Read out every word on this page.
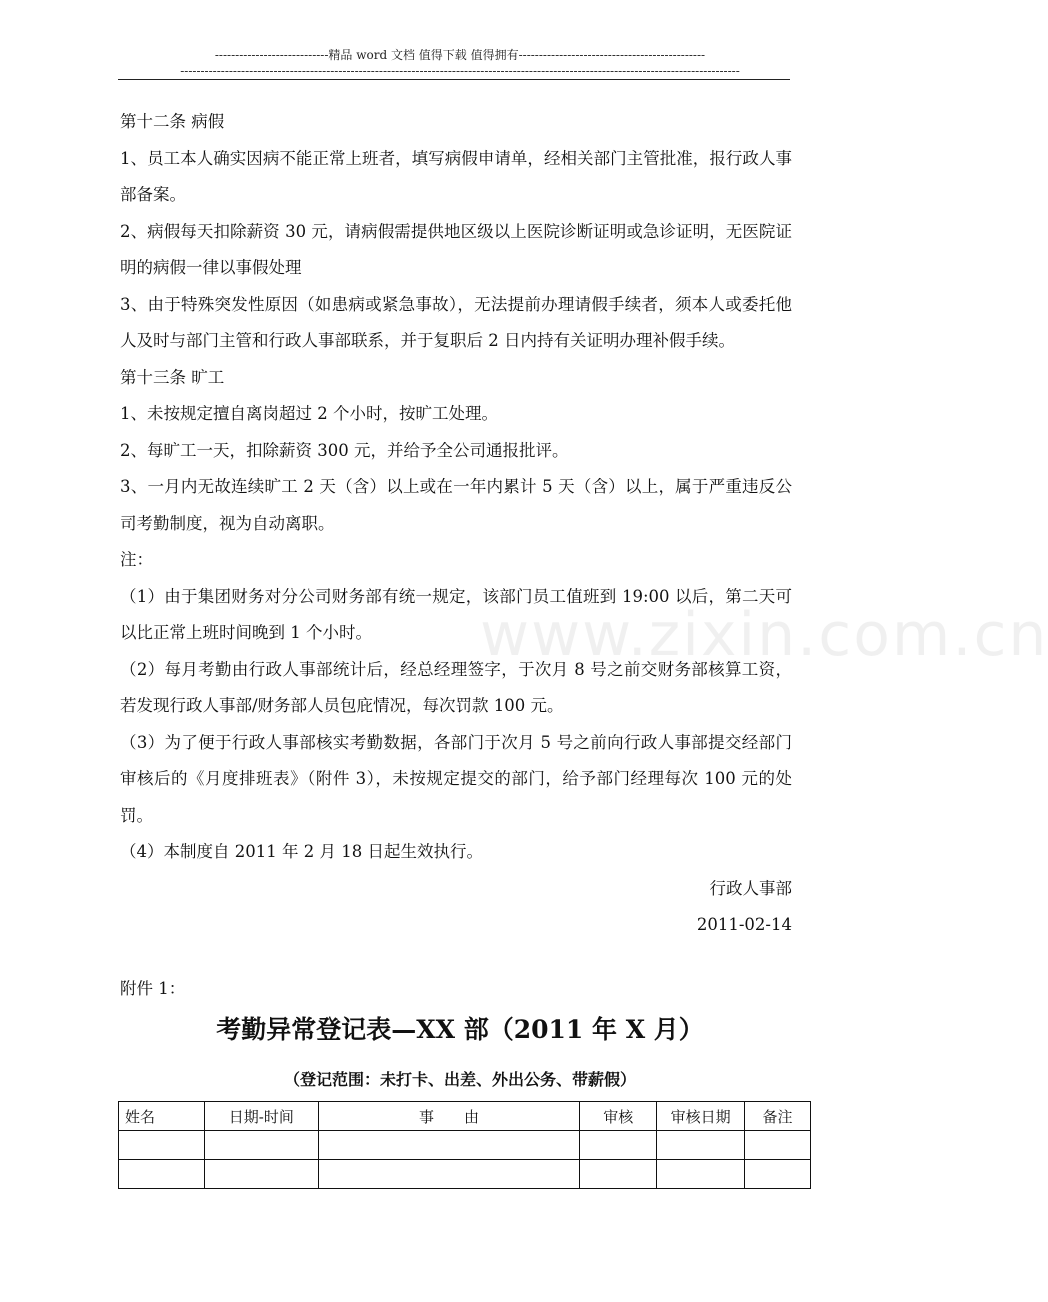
----------------------------精品 word 文档 值得下载 值得拥有----------------------------------------------
------------------------------------------------------------------------------------------------------------------------------------------
www.zixin.com.cn

第十二条 病假

1、员工本人确实因病不能正常上班者，填写病假申请单，经相关部门主管批准，报行政人事部备案。

2、病假每天扣除薪资 30 元，请病假需提供地区级以上医院诊断证明或急诊证明，无医院证明的病假一律以事假处理

3、由于特殊突发性原因（如患病或紧急事故），无法提前办理请假手续者，须本人或委托他人及时与部门主管和行政人事部联系，并于复职后 2 日内持有关证明办理补假手续。

第十三条 旷工

1、未按规定擅自离岗超过 2 个小时，按旷工处理。

2、每旷工一天，扣除薪资 300 元，并给予全公司通报批评。

3、一月内无故连续旷工 2 天（含）以上或在一年内累计 5 天（含）以上，属于严重违反公司考勤制度，视为自动离职。

注：

（1）由于集团财务对分公司财务部有统一规定，该部门员工值班到 19:00 以后，第二天可以比正常上班时间晚到 1 个小时。

（2）每月考勤由行政人事部统计后，经总经理签字，于次月 8 号之前交财务部核算工资，若发现行政人事部/财务部人员包庇情况，每次罚款 100 元。

（3）为了便于行政人事部核实考勤数据，各部门于次月 5 号之前向行政人事部提交经部门审核后的《月度排班表》（附件 3），未按规定提交的部门，给予部门经理每次 100 元的处罚。

（4）本制度自 2011 年 2 月 18 日起生效执行。

行政人事部

2011-02-14

附件 1：
考勤异常登记表—XX 部（2011 年 X 月）
（登记范围：未打卡、出差、外出公务、带薪假）
姓名	日期-时间	事　　由	审核	审核日期	备注
